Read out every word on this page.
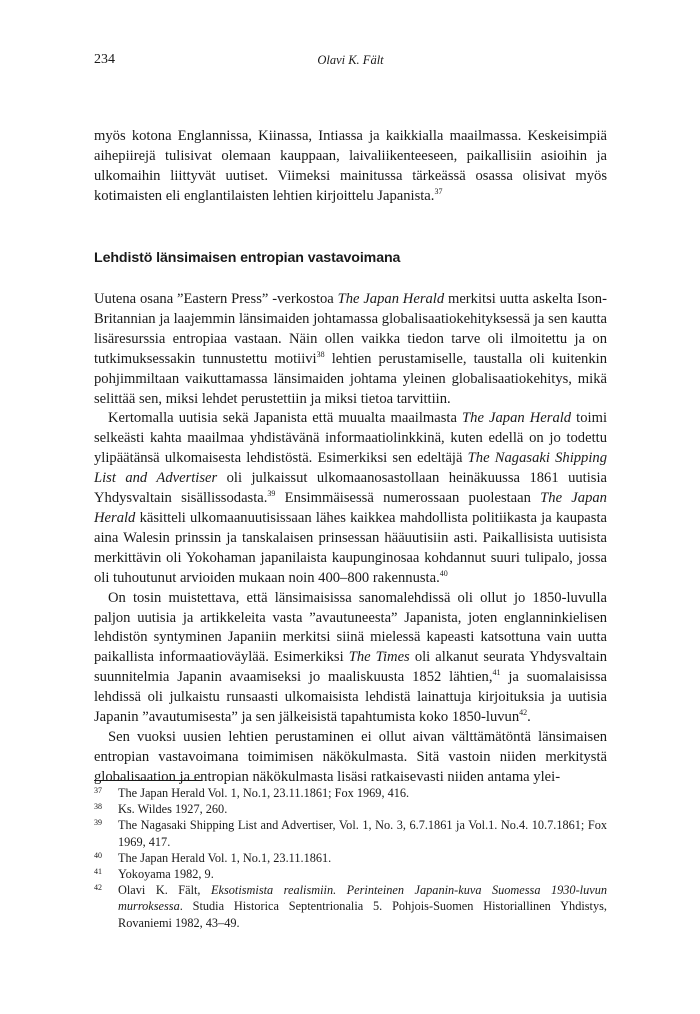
234	Olavi K. Fält

myös kotona Englannissa, Kiinassa, Intiassa ja kaikkialla maailmassa. Keskeisimpiä aihepiirejä tulisivat olemaan kauppaan, laivaliikenteeseen, paikallisiin asioihin ja ulkomaihin liittyvät uutiset. Viimeksi mainitussa tärkeässä osassa olisivat myös kotimaisten eli englantilaisten lehtien kirjoittelu Japanista.$^{37}$

Lehdistö länsimaisen entropian vastavoimana

Uutena osana ”Eastern Press” -verkostoa The Japan Herald merkitsi uutta askelta Ison-Britannian ja laajemmin länsimaiden johtamassa globalisaatiokehityksessä ja sen kautta lisäresurssia entropiaa vastaan. Näin ollen vaikka tiedon tarve oli ilmoitettu ja on tutkimuksessakin tunnustettu motiivi$^{38}$ lehtien perustamiselle, taustalla oli kuitenkin pohjimmiltaan vaikuttamassa länsimaiden johtama yleinen globalisaatiokehitys, mikä selittää sen, miksi lehdet perustettiin ja miksi tietoa tarvittiin.

Kertomalla uutisia sekä Japanista että muualta maailmasta The Japan Herald toimi selkeästi kahta maailmaa yhdistävänä informaatiolinkkinä, kuten edellä on jo todettu ylipäätänsä ulkomaisesta lehdistöstä. Esimerkiksi sen edeltäjä The Nagasaki Shipping List and Advertiser oli julkaissut ulkomaanosastollaan heinäkuussa 1861 uutisia Yhdysvaltain sisällissodasta.$^{39}$ Ensimmäisessä numerossaan puolestaan The Japan Herald käsitteli ulkomaanuutisissaan lähes kaikkea mahdollista politiikasta ja kaupasta aina Walesin prinssin ja tanskalaisen prinsessan hääuutisiin asti. Paikallisista uutisista merkittävin oli Yokohaman japanilaista kaupunginosaa kohdannut suuri tulipalo, jossa oli tuhoutunut arvioiden mukaan noin 400–800 rakennusta.$^{40}$

On tosin muistettava, että länsimaisissa sanomalehdissä oli ollut jo 1850-luvulla paljon uutisia ja artikkeleita vasta ”avautuneesta” Japanista, joten englanninkielisen lehdistön syntyminen Japaniin merkitsi siinä mielessä kapeasti katsottuna vain uutta paikallista informaatioväylää. Esimerkiksi The Times oli alkanut seurata Yhdysvaltain suunnitelmia Japanin avaamiseksi jo maaliskuusta 1852 lähtien,$^{41}$ ja suomalaisissa lehdissä oli julkaistu runsaasti ulkomaisista lehdistä lainattuja kirjoituksia ja uutisia Japanin ”avautumisesta” ja sen jälkeisistä tapahtumista koko 1850-luvun$^{42}$.

Sen vuoksi uusien lehtien perustaminen ei ollut aivan välttämätöntä länsimaisen entropian vastavoimana toimimisen näkökulmasta. Sitä vastoin niiden merkitystä globalisaation ja entropian näkökulmasta lisäsi ratkaisevasti niiden antama ylei-

37 The Japan Herald Vol. 1, No.1, 23.11.1861; Fox 1969, 416.
38 Ks. Wildes 1927, 260.
39 The Nagasaki Shipping List and Advertiser, Vol. 1, No. 3, 6.7.1861 ja Vol.1. No.4. 10.7.1861; Fox 1969, 417.
40 The Japan Herald Vol. 1, No.1, 23.11.1861.
41 Yokoyama 1982, 9.
42 Olavi K. Fält, Eksotismista realismiin. Perinteinen Japanin-kuva Suomessa 1930-luvun murroksessa. Studia Historica Septentrionalia 5. Pohjois-Suomen Historiallinen Yhdistys, Rovaniemi 1982, 43–49.
